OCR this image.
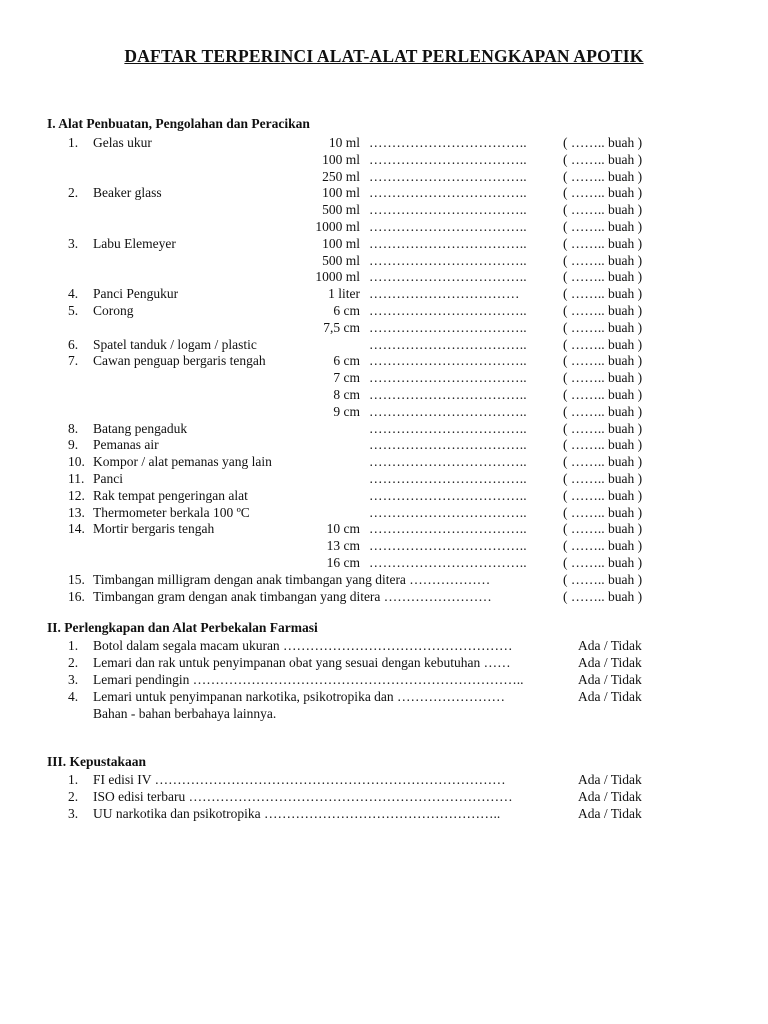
DAFTAR TERPERINCI ALAT-ALAT PERLENGKAPAN APOTIK
I. Alat Penbuatan, Pengolahan dan Peracikan
1. Gelas ukur	10 ml ……………………………..	( …….. buah )
100 ml ……………………………..	( …….. buah )
250 ml ……………………………..	( …….. buah )
2. Beaker glass	100 ml ……………………………..	( …….. buah )
500 ml ……………………………..	( …….. buah )
1000 ml ……………………………..	( …….. buah )
3. Labu Elemeyer	100 ml ……………………………..	( …….. buah )
500 ml ……………………………..	( …….. buah )
1000 ml ……………………………..	( …….. buah )
4. Panci Pengukur	1 liter ……………………………	( …….. buah )
5. Corong	6 cm ……………………………..	( …….. buah )
7,5 cm ……………………………..	( …….. buah )
6. Spatel tanduk / logam / plastic	……………………………..	( …….. buah )
7. Cawan penguap bergaris tengah	6 cm ……………………………..	( …….. buah )
7 cm ……………………………..	( …….. buah )
8 cm ……………………………..	( …….. buah )
9 cm ……………………………..	( …….. buah )
8. Batang pengaduk	……………………………..	( …….. buah )
9. Pemanas air	……………………………..	( …….. buah )
10. Kompor / alat pemanas yang lain	……………………………..	( …….. buah )
11. Panci	……………………………..	( …….. buah )
12. Rak tempat pengeringan alat	……………………………..	( …….. buah )
13. Thermometer berkala 100 ºC	……………………………..	( …….. buah )
14. Mortir bergaris tengah	10 cm ……………………………..	( …….. buah )
13 cm ……………………………..	( …….. buah )
16 cm ……………………………..	( …….. buah )
15. Timbangan milligram dengan anak timbangan yang ditera ………………	( …….. buah )
16. Timbangan gram dengan anak timbangan yang ditera ……………………	( …….. buah )
II. Perlengkapan dan Alat Perbekalan Farmasi
1. Botol dalam segala macam ukuran ……………………………………………	Ada / Tidak
2. Lemari dan rak untuk penyimpanan obat yang sesuai dengan kebutuhan ……	Ada / Tidak
3. Lemari pendingin ………………………………………………………………..	Ada / Tidak
4. Lemari untuk penyimpanan narkotika, psikotropika dan ……………………	Ada / Tidak
Bahan - bahan berbahaya lainnya.
III. Kepustakaan
1. FI edisi IV ……………………………………………………………………	Ada / Tidak
2. ISO edisi terbaru ………………………………………………………………	Ada / Tidak
3. UU narkotika dan psikotropika ……………………………………………..	Ada / Tidak
